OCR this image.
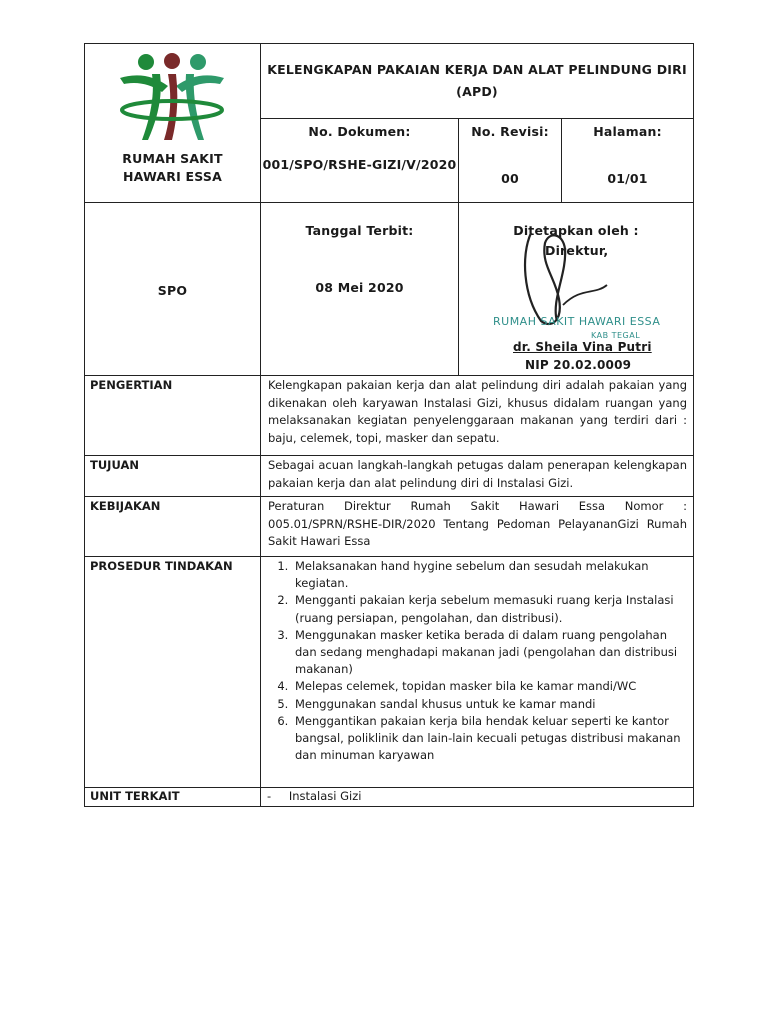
RUMAH SAKIT
HAWARI ESSA
KELENGKAPAN PAKAIAN KERJA DAN ALAT PELINDUNG DIRI
(APD)
No. Dokumen:
001/SPO/RSHE-GIZI/V/2020
No. Revisi:
00
Halaman:
01/01
SPO
Tanggal Terbit:
08 Mei 2020
Ditetapkan oleh :
Direktur,
RUMAH SAKIT HAWARI ESSA
KAB TEGAL
dr. Sheila Vina Putri
NIP 20.02.0009
PENGERTIAN	Kelengkapan pakaian kerja dan alat pelindung diri adalah pakaian yang dikenakan oleh karyawan Instalasi Gizi, khusus didalam ruangan yang melaksanakan kegiatan penyelenggaraan makanan yang terdiri dari : baju, celemek, topi, masker dan sepatu.
TUJUAN	Sebagai acuan langkah-langkah petugas dalam penerapan kelengkapan pakaian kerja dan alat pelindung diri di Instalasi Gizi.
KEBIJAKAN	Peraturan Direktur Rumah Sakit Hawari Essa Nomor : 005.01/SPRN/RSHE-DIR/2020 Tentang Pedoman PelayananGizi Rumah Sakit Hawari Essa
PROSEDUR TINDAKAN
1.	Melaksanakan hand hygine sebelum dan sesudah melakukan kegiatan.
2. Mengganti pakaian kerja sebelum memasuki ruang kerja Instalasi (ruang persiapan, pengolahan, dan distribusi).
3. Menggunakan masker ketika berada di dalam ruang pengolahan dan sedang menghadapi makanan jadi (pengolahan dan distribusi makanan)
4. Melepas celemek, topidan masker bila ke kamar mandi/WC
5. Menggunakan sandal khusus untuk ke kamar mandi
6. Menggantikan pakaian kerja bila hendak keluar seperti ke kantor bangsal, poliklinik dan lain-lain kecuali petugas distribusi makanan dan minuman karyawan
UNIT TERKAIT	- Instalasi Gizi
